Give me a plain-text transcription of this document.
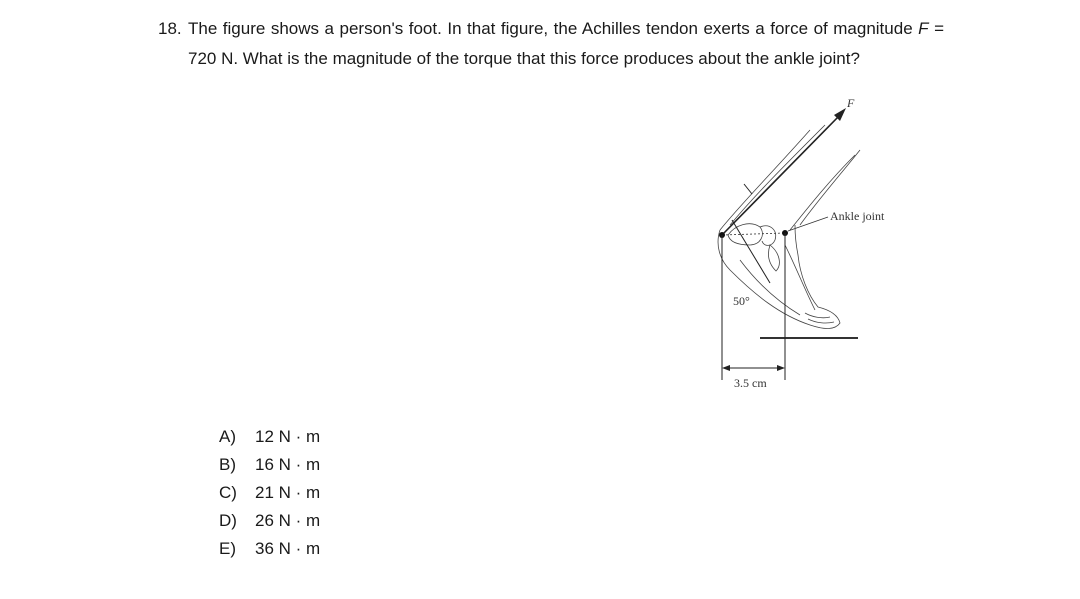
18. The figure shows a person's foot. In that figure, the Achilles tendon exerts a force of magnitude F = 720 N. What is the magnitude of the torque that this force produces about the ankle joint?
F
Ankle joint
50°
3.5 cm
A)	12 N · m
B)	16 N · m
C)	21 N · m
D)	26 N · m
E)	36 N · m
